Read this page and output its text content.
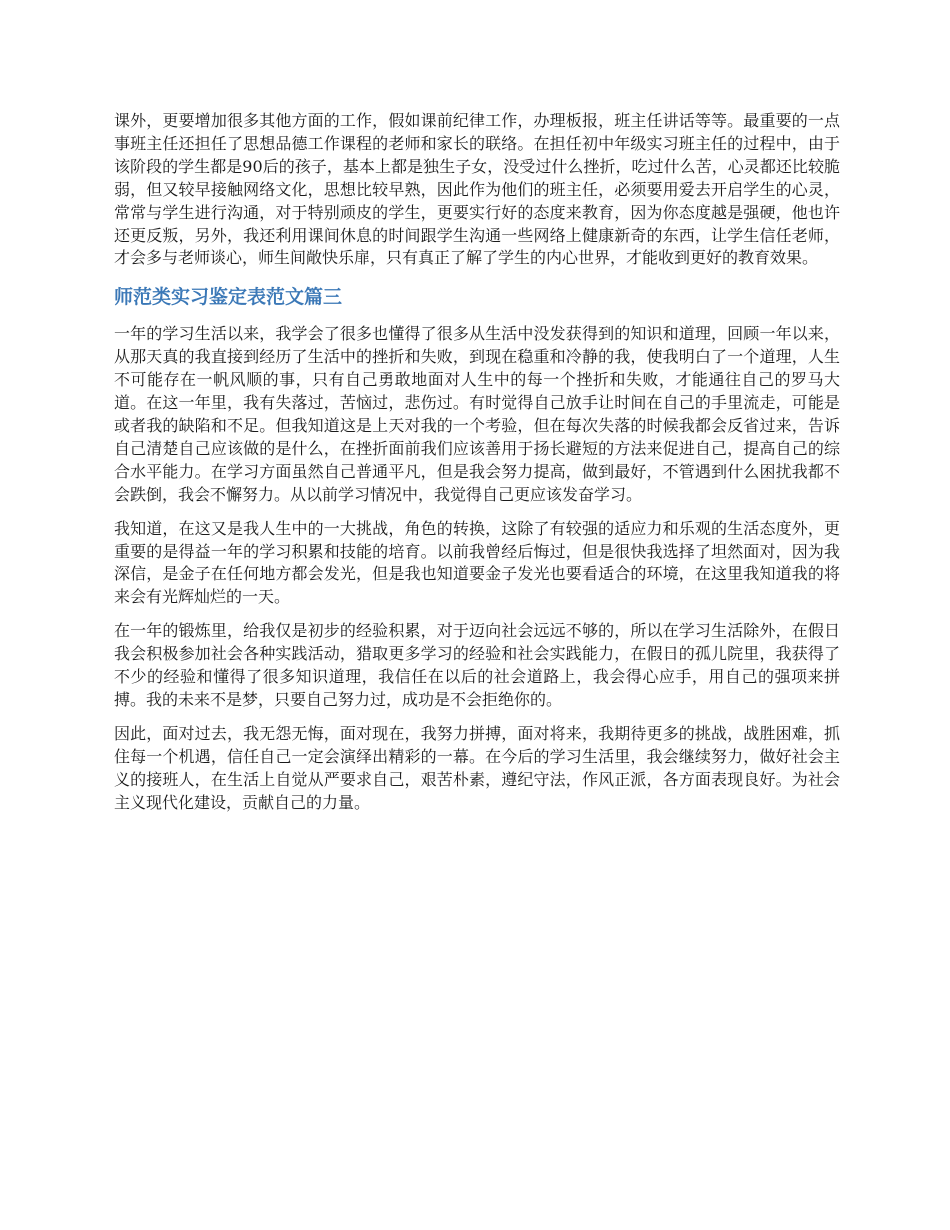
课外，更要增加很多其他方面的工作，假如课前纪律工作，办理板报，班主任讲话等等。最重要的一点事班主任还担任了思想品德工作课程的老师和家长的联络。在担任初中年级实习班主任的过程中，由于该阶段的学生都是90后的孩子，基本上都是独生子女，没受过什么挫折，吃过什么苦，心灵都还比较脆弱，但又较早接触网络文化，思想比较早熟，因此作为他们的班主任，必须要用爱去开启学生的心灵，常常与学生进行沟通，对于特别顽皮的学生，更要实行好的态度来教育，因为你态度越是强硬，他也许还更反叛，另外，我还利用课间休息的时间跟学生沟通一些网络上健康新奇的东西，让学生信任老师，才会多与老师谈心，师生间敞快乐扉，只有真正了解了学生的内心世界，才能收到更好的教育效果。

师范类实习鉴定表范文篇三

一年的学习生活以来，我学会了很多也懂得了很多从生活中没发获得到的知识和道理，回顾一年以来，从那天真的我直接到经历了生活中的挫折和失败，到现在稳重和冷静的我，使我明白了一个道理，人生不可能存在一帆风顺的事，只有自己勇敢地面对人生中的每一个挫折和失败，才能通往自己的罗马大道。在这一年里，我有失落过，苦恼过，悲伤过。有时觉得自己放手让时间在自己的手里流走，可能是或者我的缺陷和不足。但我知道这是上天对我的一个考验，但在每次失落的时候我都会反省过来，告诉自己清楚自己应该做的是什么，在挫折面前我们应该善用于扬长避短的方法来促进自己，提高自己的综合水平能力。在学习方面虽然自己普通平凡，但是我会努力提高，做到最好，不管遇到什么困扰我都不会跌倒，我会不懈努力。从以前学习情况中，我觉得自己更应该发奋学习。

我知道，在这又是我人生中的一大挑战，角色的转换，这除了有较强的适应力和乐观的生活态度外，更重要的是得益一年的学习积累和技能的培育。以前我曾经后悔过，但是很快我选择了坦然面对，因为我深信，是金子在任何地方都会发光，但是我也知道要金子发光也要看适合的环境，在这里我知道我的将来会有光辉灿烂的一天。

在一年的锻炼里，给我仅是初步的经验积累，对于迈向社会远远不够的，所以在学习生活除外，在假日我会积极参加社会各种实践活动，猎取更多学习的经验和社会实践能力，在假日的孤儿院里，我获得了不少的经验和懂得了很多知识道理，我信任在以后的社会道路上，我会得心应手，用自己的强项来拼搏。我的未来不是梦，只要自己努力过，成功是不会拒绝你的。

因此，面对过去，我无怨无悔，面对现在，我努力拼搏，面对将来，我期待更多的挑战，战胜困难，抓住每一个机遇，信任自己一定会演绎出精彩的一幕。在今后的学习生活里，我会继续努力，做好社会主义的接班人，在生活上自觉从严要求自己，艰苦朴素，遵纪守法，作风正派，各方面表现良好。为社会主义现代化建设，贡献自己的力量。
